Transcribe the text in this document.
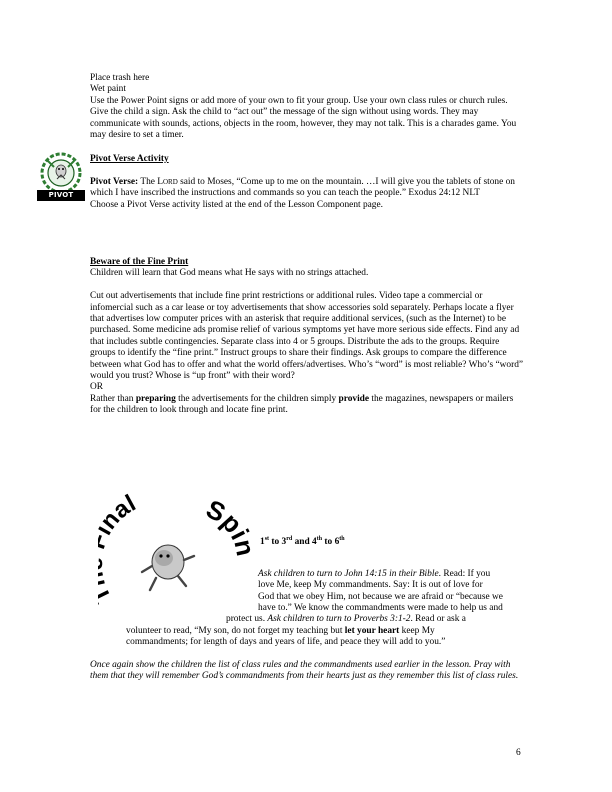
Place trash here
Wet paint
Use the Power Point signs or add more of your own to fit your group. Use your own class rules or church rules. Give the child a sign. Ask the child to “act out” the message of the sign without using words. They may communicate with sounds, actions, objects in the room, however, they may not talk. This is a charades game. You may desire to set a timer.
PIVOT VERSE
Pivot Verse Activity
Pivot Verse: The Lord said to Moses, “Come up to me on the mountain. …I will give you the tablets of stone on which I have inscribed the instructions and commands so you can teach the people.” Exodus 24:12 NLT
Choose a Pivot Verse activity listed at the end of the Lesson Component page.
Beware of the Fine Print
Children will learn that God means what He says with no strings attached.
Cut out advertisements that include fine print restrictions or additional rules. Video tape a commercial or infomercial such as a car lease or toy advertisements that show accessories sold separately. Perhaps locate a flyer that advertises low computer prices with an asterisk that require additional services, (such as the Internet) to be purchased. Some medicine ads promise relief of various symptoms yet have more serious side effects. Find any ad that includes subtle contingencies. Separate class into 4 or 5 groups. Distribute the ads to the groups. Require groups to identify the “fine print.” Instruct groups to share their findings. Ask groups to compare the difference between what God has to offer and what the world offers/advertises. Who’s “word” is most reliable? Who’s “word” would you trust? Whose is “up front” with their word?
OR
Rather than preparing the advertisements for the children simply provide the magazines, newspapers or mailers for the children to look through and locate fine print.
nal Spin
1st to 3rd and 4th to 6th
Ask children to turn to John 14:15 in their Bible. Read: If you
love Me, keep My commandments. Say: It is out of love for
God that we obey Him, not because we are afraid or “because we
have to.” We know the commandments were made to help us and
protect us. Ask children to turn to Proverbs 3:1-2. Read or ask a
volunteer to read, “My son, do not forget my teaching but let your heart keep My
commandments; for length of days and years of life, and peace they will add to you.”
Once again show the children the list of class rules and the commandments used earlier in the lesson. Pray with them that they will remember God’s commandments from their hearts just as they remember this list of class rules.
6
